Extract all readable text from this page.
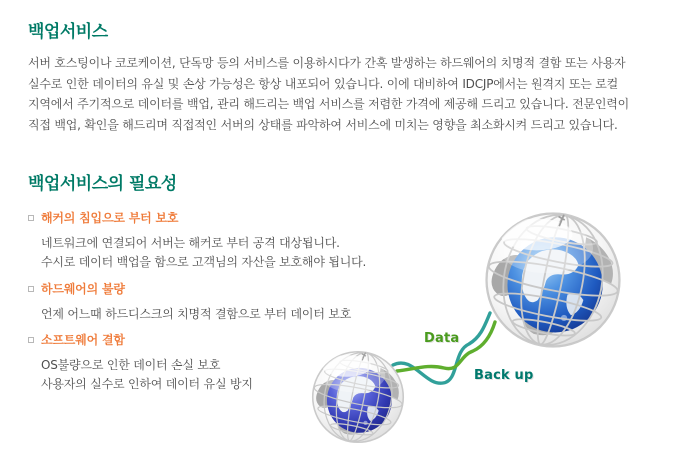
백업서비스
서버 호스팅이나 코로케이션, 단독망 등의 서비스를 이용하시다가 간혹 발생하는 하드웨어의 치명적 결함 또는 사용자
실수로 인한 데이터의 유실 및 손상 가능성은 항상 내포되어 있습니다. 이에 대비하여 IDCJP에서는 원격지 또는 로컬
지역에서 주기적으로 데이터를 백업, 관리 해드리는 백업 서비스를 저렴한 가격에 제공해 드리고 있습니다. 전문인력이
직접 백업, 확인을 해드리며 직접적인 서버의 상태를 파악하여 서비스에 미치는 영향을 최소화시켜 드리고 있습니다.
백업서비스의 필요성
해커의 침입으로 부터 보호
네트워크에 연결되어 서버는 해커로 부터 공격 대상됩니다.
수시로 데이터 백업을 함으로 고객님의 자산을 보호해야 됩니다.
하드웨어의 불량
언제 어느때 하드디스크의 치명적 결함으로 부터 데이터 보호
소프트웨어 결함
OS불량으로 인한 데이터 손실 보호
사용자의 실수로 인하여 데이터 유실 방지
Data
Back up
